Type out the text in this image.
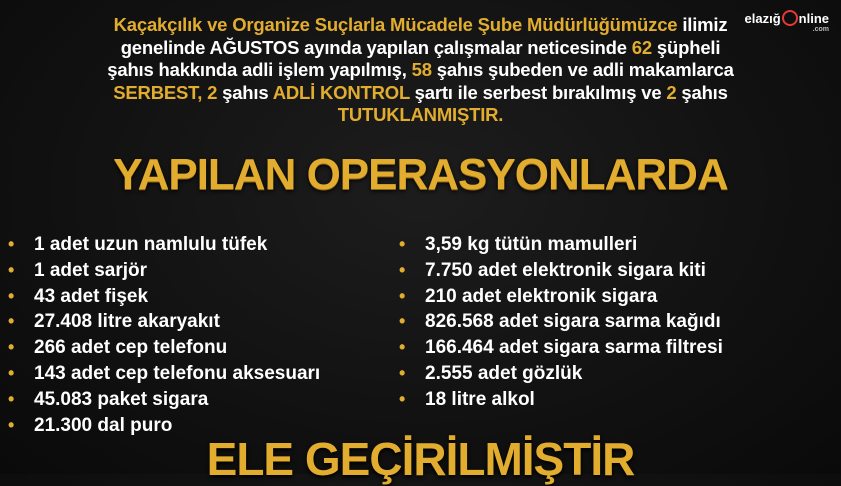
elazığ nline
.com
Kaçakçılık ve Organize Suçlarla Mücadele Şube Müdürlüğümüzce ilimiz
genelinde AĞUSTOS ayında yapılan çalışmalar neticesinde 62 şüpheli
şahıs hakkında adli işlem yapılmış, 58 şahıs şubeden ve adli makamlarca
SERBEST, 2 şahıs ADLİ KONTROL şartı ile serbest bırakılmış ve 2 şahıs
TUTUKLANMIŞTIR.
YAPILAN OPERASYONLARDA
• 1 adet uzun namlulu tüfek
• 1 adet sarjör
• 43 adet fişek
• 27.408 litre akaryakıt
• 266 adet cep telefonu
• 143 adet cep telefonu aksesuarı
• 45.083 paket sigara
• 21.300 dal puro
• 3,59 kg tütün mamulleri
• 7.750 adet elektronik sigara kiti
• 210 adet elektronik sigara
• 826.568 adet sigara sarma kağıdı
• 166.464 adet sigara sarma filtresi
• 2.555 adet gözlük
• 18 litre alkol
ELE GEÇİRİLMİŞTİR
